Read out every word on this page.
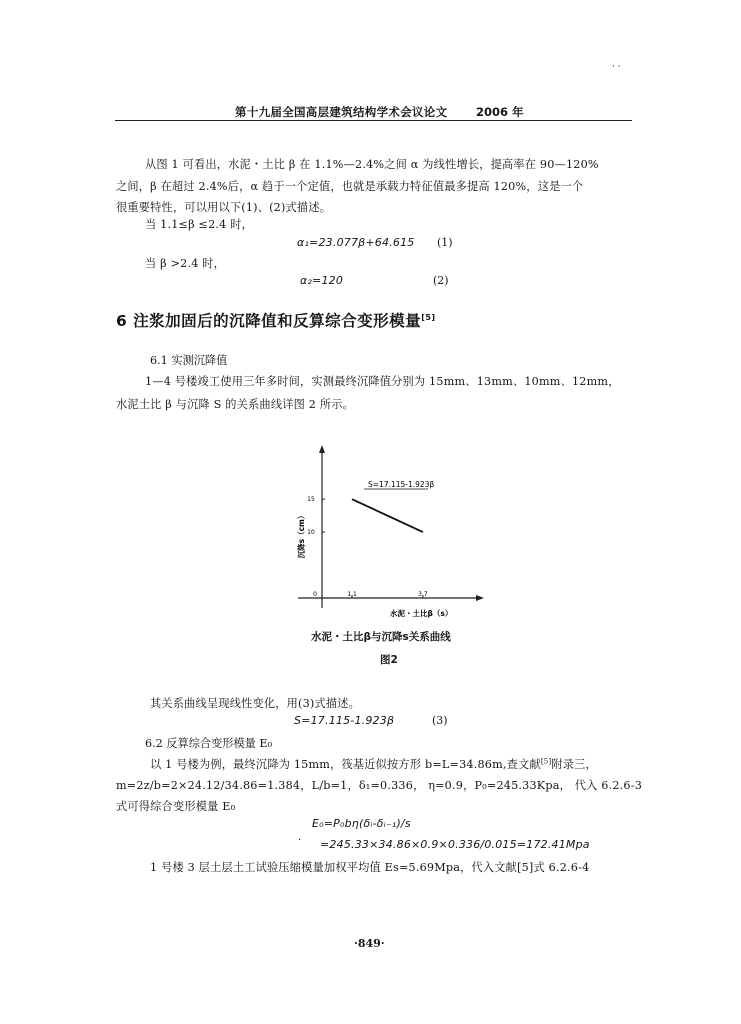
第十九届全国高层建筑结构学术会议论文 2006 年
· ·
从图 1 可看出，水泥・土比 β 在 1.1%—2.4%之间 α 为线性增长，提高率在 90—120%
之间，β 在超过 2.4%后，α 趋于一个定值，也就是承载力特征值最多提高 120%，这是一个
很重要特性，可以用以下(1)、(2)式描述。
当 1.1≤β ≤2.4 时，
α₁=23.077β+64.615 (1)
当 β >2.4 时，
α₂=120	(2)
6 注浆加固后的沉降值和反算综合变形模量[5]
6.1 实测沉降值
1—4 号楼竣工使用三年多时间，实测最终沉降值分别为 15mm、13mm、10mm、12mm，
水泥土比 β 与沉降 S 的关系曲线详图 2 所示。
0	1.1	3.7
15
10
S=17.115-1.923β
沉降s（cm）
水泥・土比β（s）
水泥・土比β与沉降s关系曲线
图2
其关系曲线呈现线性变化，用(3)式描述。
S=17.115-1.923β	(3)
6.2 反算综合变形模量 E₀
以 1 号楼为例，最终沉降为 15mm，筏基近似按方形 b=L=34.86m,查文献[5]附录三，
m=2z/b=2×24.12/34.86=1.384，L/b=1，δ₁=0.336， η=0.9，P₀=245.33Kpa， 代入 6.2.6-3
式可得综合变形模量 E₀
E₀=P₀bη(δᵢ-δᵢ₋₁)/s
· =245.33×34.86×0.9×0.336/0.015=172.41Mpa
1 号楼 3 层土层土工试验压缩模量加权平均值 Es=5.69Mpa，代入文献[5]式 6.2.6-4
·849·
